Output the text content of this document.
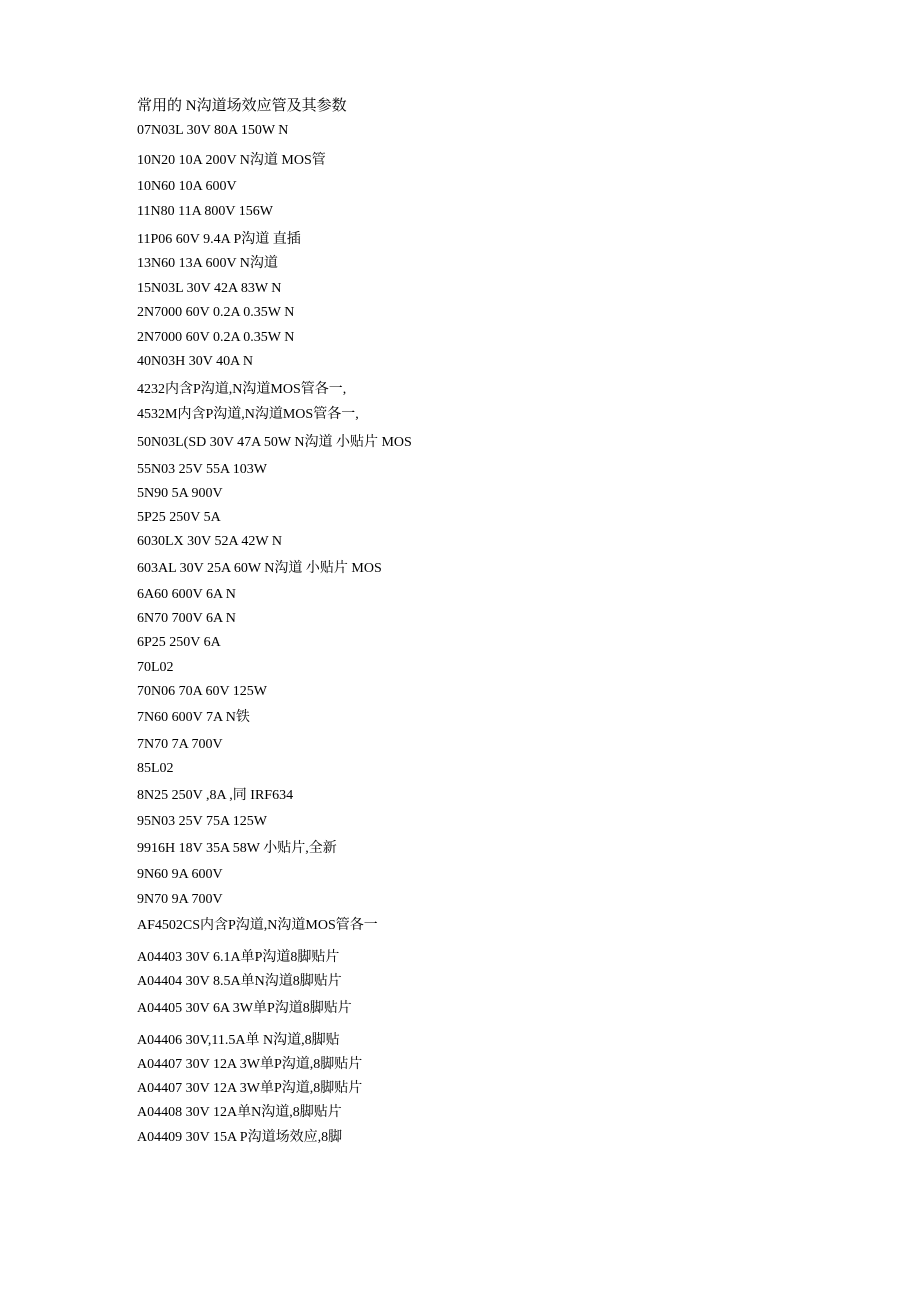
常用的 N沟道场效应管及其参数
07N03L 30V 80A 150W N
10N20 10A 200V N沟道 MOS管
10N60 10A 600V
11N80 11A 800V 156W
11P06 60V 9.4A P沟道 直插
13N60 13A 600V N沟道
15N03L 30V 42A 83W N
2N7000 60V 0.2A 0.35W N
2N7000 60V 0.2A 0.35W N
40N03H 30V 40A N
4232内含P沟道,N沟道MOS管各一,
4532M内含P沟道,N沟道MOS管各一,
50N03L(SD 30V 47A 50W N沟道 小贴片 MOS
55N03 25V 55A 103W
5N90 5A 900V
5P25 250V 5A
6030LX 30V 52A 42W N
603AL 30V 25A 60W N沟道 小贴片 MOS
6A60 600V 6A N
6N70 700V 6A N
6P25 250V 6A
70L02
70N06 70A 60V 125W
7N60 600V 7A N铁
7N70 7A 700V
85L02
8N25 250V ,8A ,同 IRF634
95N03 25V 75A 125W
9916H 18V 35A 58W 小贴片,全新
9N60 9A 600V
9N70 9A 700V
AF4502CS内含P沟道,N沟道MOS管各一
A04403 30V 6.1A单P沟道8脚贴片
A04404 30V 8.5A单N沟道8脚贴片
A04405 30V 6A 3W单P沟道8脚贴片
A04406 30V,11.5A单 N沟道,8脚贴
A04407 30V 12A 3W单P沟道,8脚贴片
A04407 30V 12A 3W单P沟道,8脚贴片
A04408 30V 12A单N沟道,8脚贴片
A04409 30V 15A P沟道场效应,8脚
